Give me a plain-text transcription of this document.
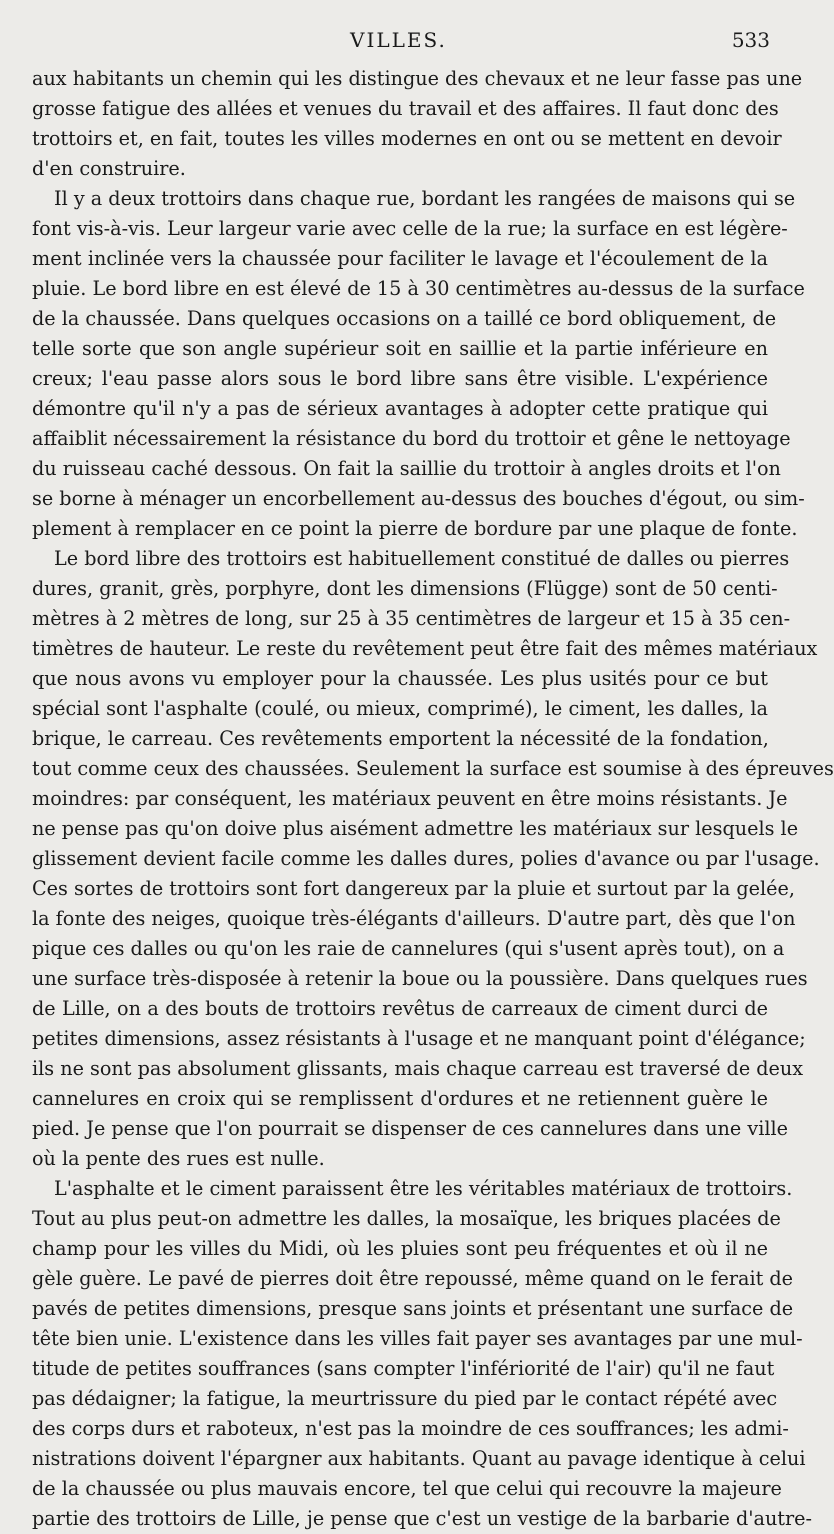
VILLES.	533
aux habitants un chemin qui les distingue des chevaux et ne leur fasse pas une
grosse fatigue des allées et venues du travail et des affaires. Il faut donc des
trottoirs et, en fait, toutes les villes modernes en ont ou se mettent en devoir
d'en construire.
Il y a deux trottoirs dans chaque rue, bordant les rangées de maisons qui se
font vis-à-vis. Leur largeur varie avec celle de la rue; la surface en est légère-
ment inclinée vers la chaussée pour faciliter le lavage et l'écoulement de la
pluie. Le bord libre en est élevé de 15 à 30 centimètres au-dessus de la surface
de la chaussée. Dans quelques occasions on a taillé ce bord obliquement, de
telle sorte que son angle supérieur soit en saillie et la partie inférieure en
creux; l'eau passe alors sous le bord libre sans être visible. L'expérience
démontre qu'il n'y a pas de sérieux avantages à adopter cette pratique qui
affaiblit nécessairement la résistance du bord du trottoir et gêne le nettoyage
du ruisseau caché dessous. On fait la saillie du trottoir à angles droits et l'on
se borne à ménager un encorbellement au-dessus des bouches d'égout, ou sim-
plement à remplacer en ce point la pierre de bordure par une plaque de fonte.
Le bord libre des trottoirs est habituellement constitué de dalles ou pierres
dures, granit, grès, porphyre, dont les dimensions (Flügge) sont de 50 centi-
mètres à 2 mètres de long, sur 25 à 35 centimètres de largeur et 15 à 35 cen-
timètres de hauteur. Le reste du revêtement peut être fait des mêmes matériaux
que nous avons vu employer pour la chaussée. Les plus usités pour ce but
spécial sont l'asphalte (coulé, ou mieux, comprimé), le ciment, les dalles, la
brique, le carreau. Ces revêtements emportent la nécessité de la fondation,
tout comme ceux des chaussées. Seulement la surface est soumise à des épreuves
moindres: par conséquent, les matériaux peuvent en être moins résistants. Je
ne pense pas qu'on doive plus aisément admettre les matériaux sur lesquels le
glissement devient facile comme les dalles dures, polies d'avance ou par l'usage.
Ces sortes de trottoirs sont fort dangereux par la pluie et surtout par la gelée,
la fonte des neiges, quoique très-élégants d'ailleurs. D'autre part, dès que l'on
pique ces dalles ou qu'on les raie de cannelures (qui s'usent après tout), on a
une surface très-disposée à retenir la boue ou la poussière. Dans quelques rues
de Lille, on a des bouts de trottoirs revêtus de carreaux de ciment durci de
petites dimensions, assez résistants à l'usage et ne manquant point d'élégance;
ils ne sont pas absolument glissants, mais chaque carreau est traversé de deux
cannelures en croix qui se remplissent d'ordures et ne retiennent guère le
pied. Je pense que l'on pourrait se dispenser de ces cannelures dans une ville
où la pente des rues est nulle.
L'asphalte et le ciment paraissent être les véritables matériaux de trottoirs.
Tout au plus peut-on admettre les dalles, la mosaïque, les briques placées de
champ pour les villes du Midi, où les pluies sont peu fréquentes et où il ne
gèle guère. Le pavé de pierres doit être repoussé, même quand on le ferait de
pavés de petites dimensions, presque sans joints et présentant une surface de
tête bien unie. L'existence dans les villes fait payer ses avantages par une mul-
titude de petites souffrances (sans compter l'infériorité de l'air) qu'il ne faut
pas dédaigner; la fatigue, la meurtrissure du pied par le contact répété avec
des corps durs et raboteux, n'est pas la moindre de ces souffrances; les admi-
nistrations doivent l'épargner aux habitants. Quant au pavage identique à celui
de la chaussée ou plus mauvais encore, tel que celui qui recouvre la majeure
partie des trottoirs de Lille, je pense que c'est un vestige de la barbarie d'autre-
